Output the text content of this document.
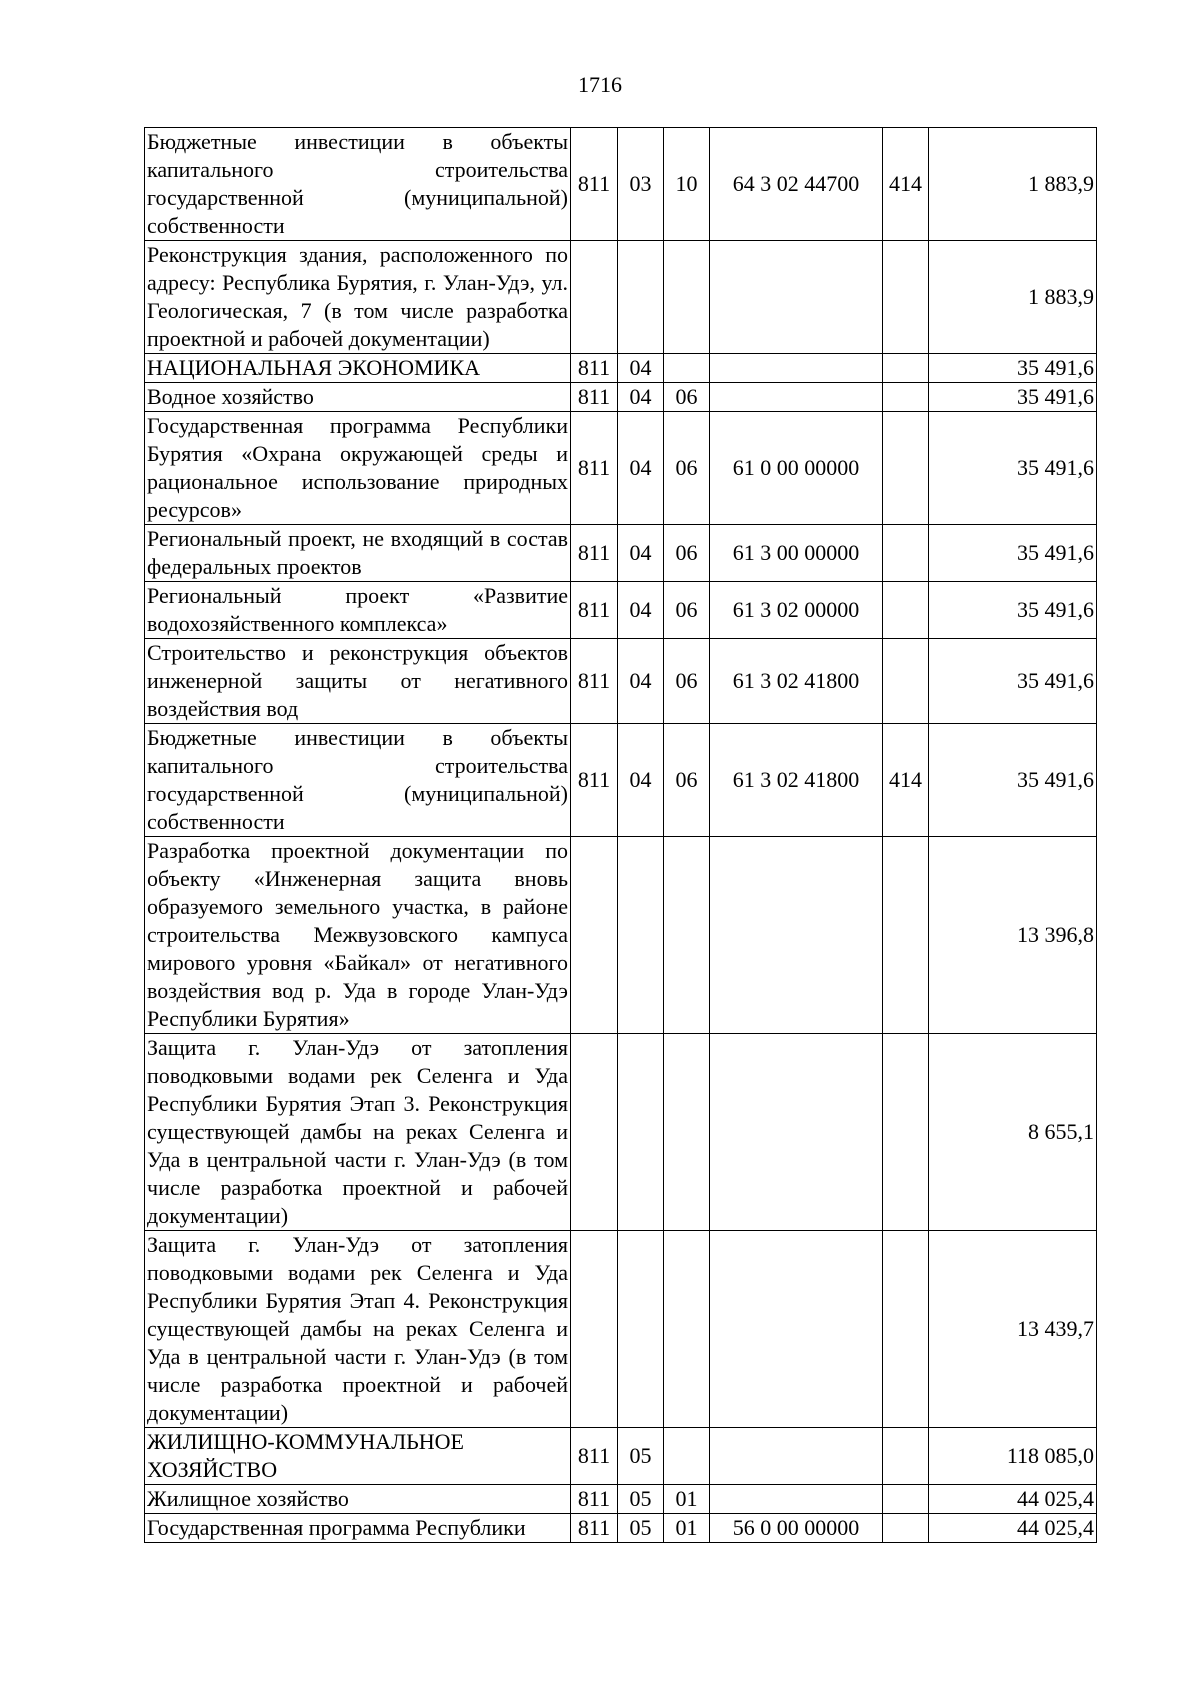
1716
Бюджетные инвестиции в объекты капитального строительства государственной (муниципальной) собственности	811	03	10	64 3 02 44700	414	1 883,9
Реконструкция здания, расположенного по адресу: Республика Бурятия, г. Улан-Удэ, ул. Геологическая, 7 (в том числе разработка проектной и рабочей документации)						1 883,9
НАЦИОНАЛЬНАЯ ЭКОНОМИКА	811	04				35 491,6
Водное хозяйство	811	04	06			35 491,6
Государственная программа Республики Бурятия «Охрана окружающей среды и рациональное использование природных ресурсов»	811	04	06	61 0 00 00000		35 491,6
Региональный проект, не входящий в состав федеральных проектов	811	04	06	61 3 00 00000		35 491,6
Региональный проект «Развитие водохозяйственного комплекса»	811	04	06	61 3 02 00000		35 491,6
Строительство и реконструкция объектов инженерной защиты от негативного воздействия вод	811	04	06	61 3 02 41800		35 491,6
Бюджетные инвестиции в объекты капитального строительства государственной (муниципальной) собственности	811	04	06	61 3 02 41800	414	35 491,6
Разработка проектной документации по объекту «Инженерная защита вновь образуемого земельного участка, в районе строительства Межвузовского кампуса мирового уровня «Байкал» от негативного воздействия вод р. Уда в городе Улан-Удэ Республики Бурятия»						13 396,8
Защита г. Улан-Удэ от затопления поводковыми водами рек Селенга и Уда Республики Бурятия Этап 3. Реконструкция существующей дамбы на реках Селенга и Уда в центральной части г. Улан-Удэ (в том числе разработка проектной и рабочей документации)						8 655,1
Защита г. Улан-Удэ от затопления поводковыми водами рек Селенга и Уда Республики Бурятия Этап 4. Реконструкция существующей дамбы на реках Селенга и Уда в центральной части г. Улан-Удэ (в том числе разработка проектной и рабочей документации)						13 439,7
ЖИЛИЩНО-КОММУНАЛЬНОЕ ХОЗЯЙСТВО	811	05				118 085,0
Жилищное хозяйство	811	05	01			44 025,4
Государственная программа Республики	811	05	01	56 0 00 00000		44 025,4
